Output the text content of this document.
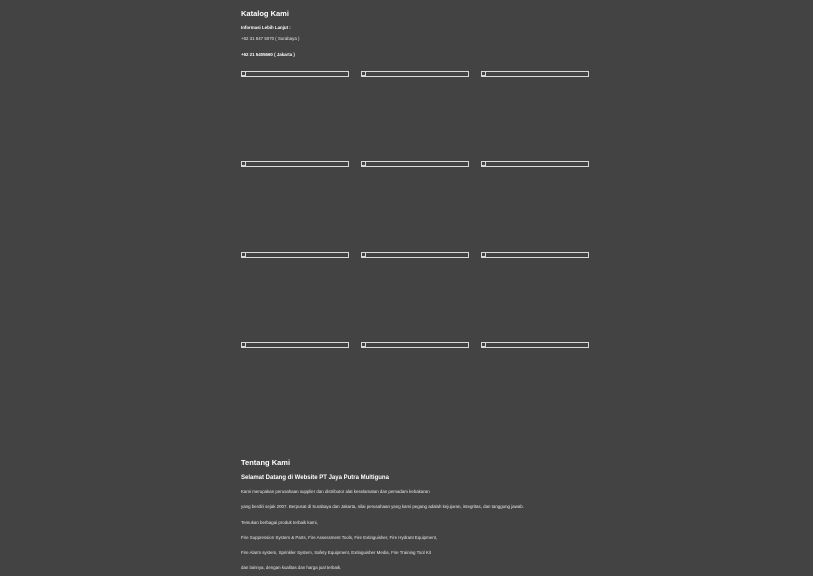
Katalog Kami
Informasi Lebih Lanjut :
+62 31 847 5070 ( Surabaya )
+62 21 5405560 ( Jakarta )
Tentang Kami
Selamat Datang di Website PT Jaya Putra Multiguna
Kami merupakan perusahaan supplier dan distributor alat keselamatan dan pemadam kebakaran
yang berdiri sejak 2007. Berpusat di Surabaya dan Jakarta, nilai perusahaan yang kami pegang adalah kejujuran, integritas, dan tanggung jawab.
Temukan berbagai produk terbaik kami,
Fire Suppression System & Parts, Fire Assessment Tools, Fire Extinguisher, Fire Hydrant Equipment,
Fire Alarm system, Sprinkler System, Safety Equipment, Extinguisher Media, Fire Training Tool Kit
dan lainnya, dengan kualitas dan harga jual terbaik.
